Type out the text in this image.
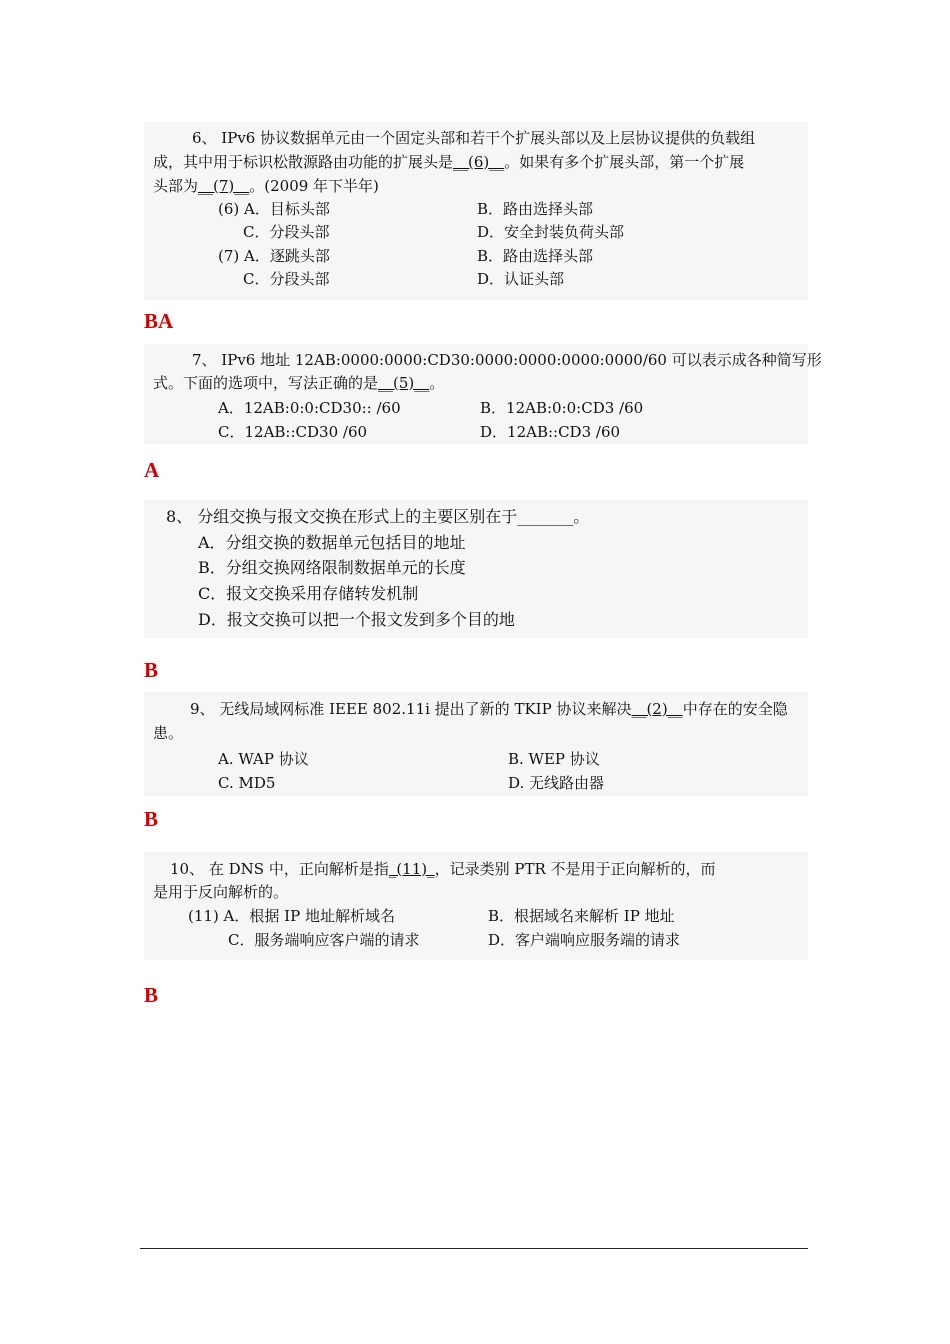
6、 IPv6 协议数据单元由一个固定头部和若干个扩展头部以及上层协议提供的负载组
成，其中用于标识松散源路由功能的扩展头是__(6)__。如果有多个扩展头部，第一个扩展
头部为__(7)__。(2009 年下半年)
(6) A．目标头部	B．路由选择头部
C．分段头部	D．安全封装负荷头部
(7) A．逐跳头部	B．路由选择头部
C．分段头部	D．认证头部
BA
7、 IPv6 地址 12AB:0000:0000:CD30:0000:0000:0000:0000/60 可以表示成各种简写形
式。下面的选项中，写法正确的是__(5)__。
A．12AB:0:0:CD30:: /60	B．12AB:0:0:CD3 /60
C．12AB::CD30 /60	D．12AB::CD3 /60
A
8、 分组交换与报文交换在形式上的主要区别在于_______。
A．分组交换的数据单元包括目的地址
B．分组交换网络限制数据单元的长度
C．报文交换采用存储转发机制
D．报文交换可以把一个报文发到多个目的地
B
9、 无线局域网标准 IEEE 802.11i 提出了新的 TKIP 协议来解决__(2)__中存在的安全隐
患。
A. WAP 协议	B. WEP 协议
C. MD5	D. 无线路由器
B
10、 在 DNS 中，正向解析是指_(11)_，记录类别 PTR 不是用于正向解析的，而
是用于反向解析的。
(11) A．根据 IP 地址解析域名	B．根据域名来解析 IP 地址
C．服务端响应客户端的请求	D．客户端响应服务端的请求
B
